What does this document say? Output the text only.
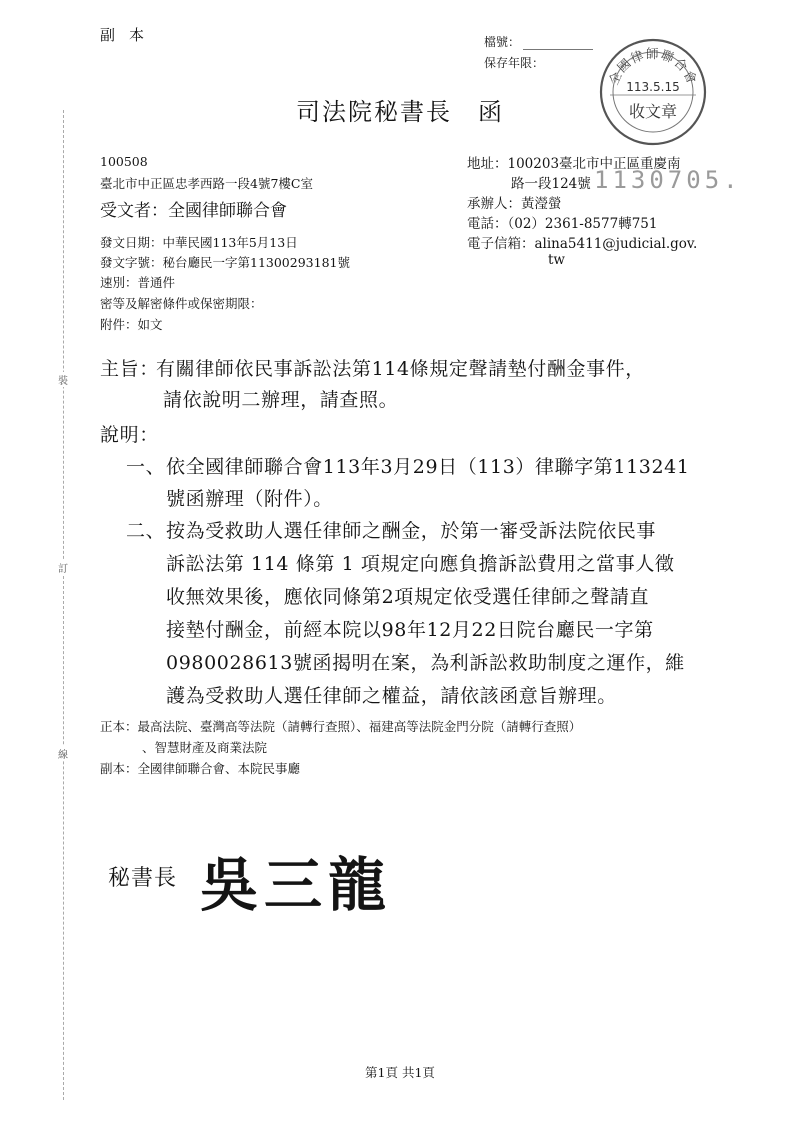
裝
訂
線
副本	檔號：
保存年限：
全國律師聯合會
113.5.15
收文章
司法院秘書長 函
100508
臺北市中正區忠孝西路一段4號7樓C室
受文者：全國律師聯合會
地址：100203臺北市中正區重慶南
路一段124號 1130705.
承辦人：黃瀅螢
電話：（02）2361-8577轉751
電子信箱：alina5411@judicial.gov.
tw
發文日期：中華民國113年5月13日
發文字號：秘台廳民一字第11300293181號
速別：普通件
密等及解密條件或保密期限：
附件：如文
主旨：
有關律師依民事訴訟法第114條規定聲請墊付酬金事件，
請依說明二辦理，請查照。
說明：
一、 依全國律師聯合會113年3月29日（113）律聯字第113241
號函辦理（附件）。
二、 按為受救助人選任律師之酬金，於第一審受訴法院依民事
訴訟法第 114 條第 1 項規定向應負擔訴訟費用之當事人徵
收無效果後，應依同條第2項規定依受選任律師之聲請直
接墊付酬金，前經本院以98年12月22日院台廳民一字第
0980028613號函揭明在案，為利訴訟救助制度之運作，維
護為受救助人選任律師之權益，請依該函意旨辦理。
正本：最高法院、臺灣高等法院（請轉行查照）、福建高等法院金門分院（請轉行查照）
、智慧財產及商業法院
副本：全國律師聯合會、本院民事廳
秘書長 吳三龍
第1頁 共1頁
